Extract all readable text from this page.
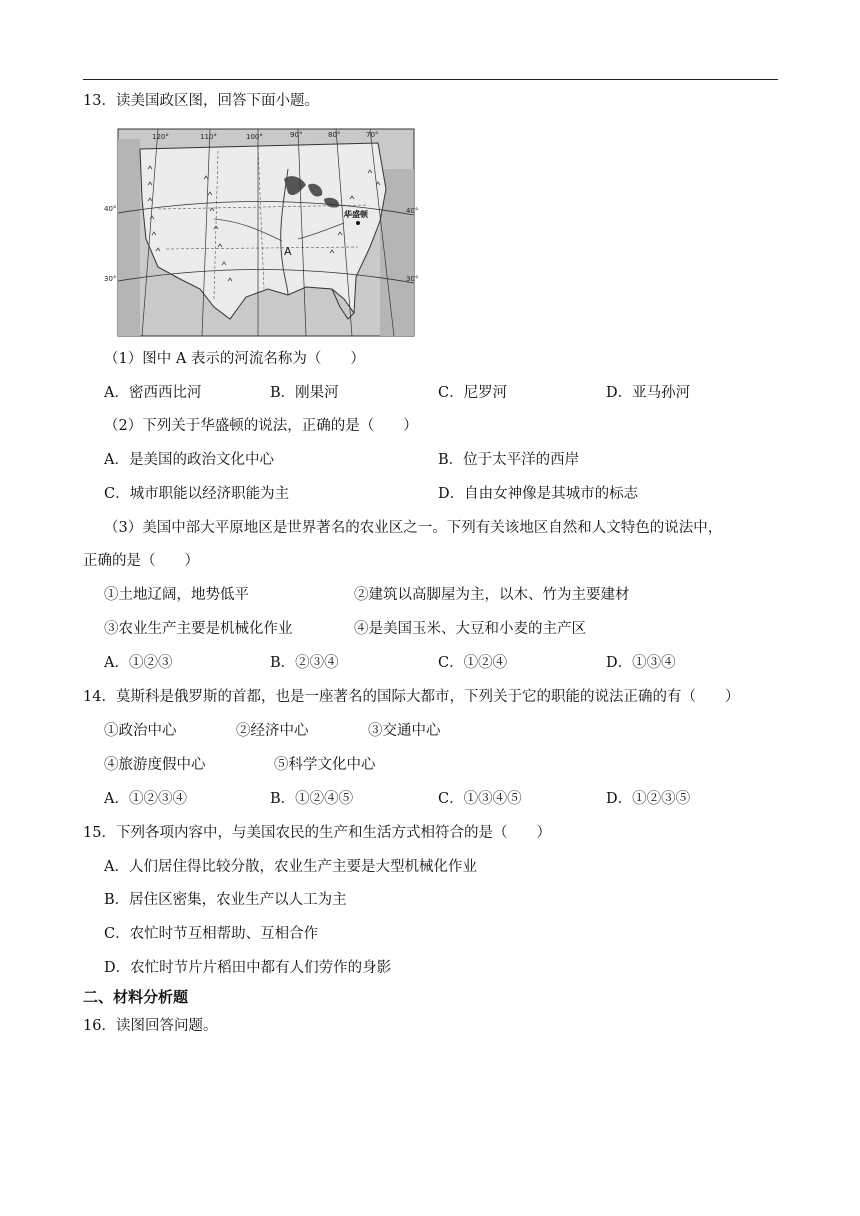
13．读美国政区图，回答下面小题。
120°	110°	100°	90°	80°	70°
40°
30°
40°
30°
A
华盛顿
（1）图中 A 表示的河流名称为（　　）
A．密西西比河	B．刚果河	C．尼罗河	D．亚马孙河
（2）下列关于华盛顿的说法，正确的是（　　）
A．是美国的政治文化中心	B．位于太平洋的西岸
C．城市职能以经济职能为主	D．自由女神像是其城市的标志
（3）美国中部大平原地区是世界著名的农业区之一。下列有关该地区自然和人文特色的说法中，
正确的是（　　）
①土地辽阔，地势低平	②建筑以高脚屋为主，以木、竹为主要建材
③农业生产主要是机械化作业	④是美国玉米、大豆和小麦的主产区
A．①②③	B．②③④	C．①②④	D．①③④
14．莫斯科是俄罗斯的首都，也是一座著名的国际大都市，下列关于它的职能的说法正确的有（　　）
①政治中心	②经济中心	③交通中心
④旅游度假中心	⑤科学文化中心
A．①②③④	B．①②④⑤	C．①③④⑤	D．①②③⑤
15．下列各项内容中，与美国农民的生产和生活方式相符合的是（　　）
A．人们居住得比较分散，农业生产主要是大型机械化作业
B．居住区密集，农业生产以人工为主
C．农忙时节互相帮助、互相合作
D．农忙时节片片稻田中都有人们劳作的身影
二、材料分析题
16．读图回答问题。
